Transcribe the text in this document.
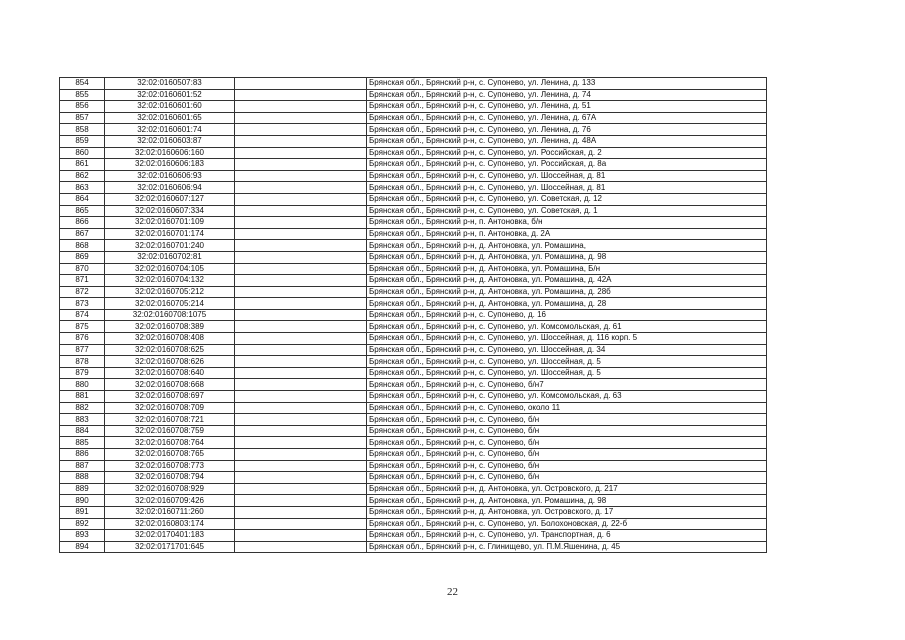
854	32:02:0160507:83		Брянская обл., Брянский р-н, с. Супонево, ул. Ленина, д. 133
855	32:02:0160601:52		Брянская обл., Брянский р-н, с. Супонево, ул. Ленина, д. 74
856	32:02:0160601:60		Брянская обл., Брянский р-н, с. Супонево, ул. Ленина, д. 51
857	32:02:0160601:65		Брянская обл., Брянский р-н, с. Супонево, ул. Ленина, д. 67А
858	32:02:0160601:74		Брянская обл., Брянский р-н, с. Супонево, ул. Ленина, д. 76
859	32:02:0160603:87		Брянская обл., Брянский р-н, с. Супонево, ул. Ленина, д. 48А
860	32:02:0160606:160		Брянская обл., Брянский р-н, с. Супонево, ул. Российская, д. 2
861	32:02:0160606:183		Брянская обл., Брянский р-н, с. Супонево, ул. Российская, д. 8а
862	32:02:0160606:93		Брянская обл., Брянский р-н, с. Супонево, ул. Шоссейная, д. 81
863	32:02:0160606:94		Брянская обл., Брянский р-н, с. Супонево, ул. Шоссейная, д. 81
864	32:02:0160607:127		Брянская обл., Брянский р-н, с. Супонево, ул. Советская, д. 12
865	32:02:0160607:334		Брянская обл., Брянский р-н, с. Супонево, ул. Советская, д. 1
866	32:02:0160701:109		Брянская обл., Брянский р-н, п. Антоновка, б/н
867	32:02:0160701:174		Брянская обл., Брянский р-н, п. Антоновка, д. 2А
868	32:02:0160701:240		Брянская обл., Брянский р-н, д. Антоновка, ул. Ромашина,
869	32:02:0160702:81		Брянская обл., Брянский р-н, д. Антоновка, ул. Ромашина, д. 98
870	32:02:0160704:105		Брянская обл., Брянский р-н, д. Антоновка, ул. Ромашина, Б/н
871	32:02:0160704:132		Брянская обл., Брянский р-н, д. Антоновка, ул. Ромашина, д. 42А
872	32:02:0160705:212		Брянская обл., Брянский р-н, д. Антоновка, ул. Ромашина, д. 28б
873	32:02:0160705:214		Брянская обл., Брянский р-н, д. Антоновка, ул. Ромашина, д. 28
874	32:02:0160708:1075		Брянская обл., Брянский р-н, с. Супонево, д. 16
875	32:02:0160708:389		Брянская обл., Брянский р-н, с. Супонево, ул. Комсомольская, д. 61
876	32:02:0160708:408		Брянская обл., Брянский р-н, с. Супонево, ул. Шоссейная, д. 116 корп. 5
877	32:02:0160708:625		Брянская обл., Брянский р-н, с. Супонево, ул. Шоссейная, д. 34
878	32:02:0160708:626		Брянская обл., Брянский р-н, с. Супонево, ул. Шоссейная, д. 5
879	32:02:0160708:640		Брянская обл., Брянский р-н, с. Супонево, ул. Шоссейная, д. 5
880	32:02:0160708:668		Брянская обл., Брянский р-н, с. Супонево, б/н7
881	32:02:0160708:697		Брянская обл., Брянский р-н, с. Супонево, ул. Комсомольская, д. 63
882	32:02:0160708:709		Брянская обл., Брянский р-н, с. Супонево, около 11
883	32:02:0160708:721		Брянская обл., Брянский р-н, с. Супонево, б/н
884	32:02:0160708:759		Брянская обл., Брянский р-н, с. Супонево, б/н
885	32:02:0160708:764		Брянская обл., Брянский р-н, с. Супонево, б/н
886	32:02:0160708:765		Брянская обл., Брянский р-н, с. Супонево, б/н
887	32:02:0160708:773		Брянская обл., Брянский р-н, с. Супонево, б/н
888	32:02:0160708:794		Брянская обл., Брянский р-н, с. Супонево, б/н
889	32:02:0160708:929		Брянская обл., Брянский р-н, д. Антоновка, ул. Островского, д. 217
890	32:02:0160709:426		Брянская обл., Брянский р-н, д. Антоновка, ул. Ромашина, д. 98
891	32:02:0160711:260		Брянская обл., Брянский р-н, д. Антоновка, ул. Островского, д. 17
892	32:02:0160803:174		Брянская обл., Брянский р-н, с. Супонево, ул. Болохоновская, д. 22-б
893	32:02:0170401:183		Брянская обл., Брянский р-н, с. Супонево, ул. Транспортная, д. 6
894	32:02:0171701:645		Брянская обл., Брянский р-н, с. Глинищево, ул. П.М.Яшенина, д. 45
22
